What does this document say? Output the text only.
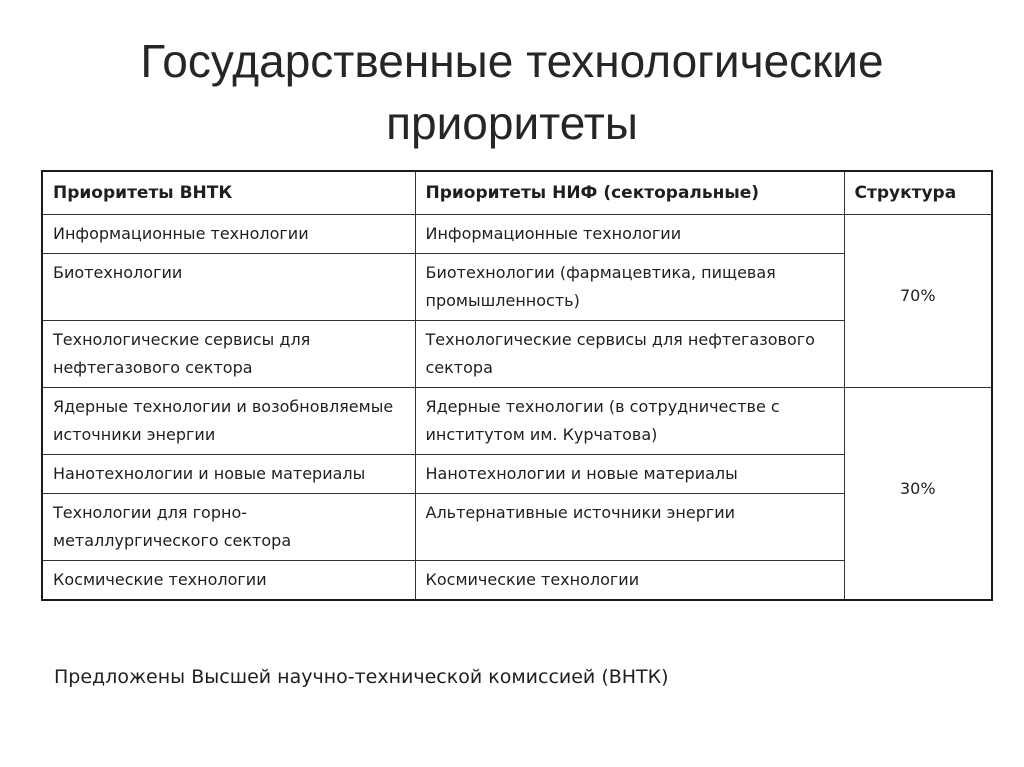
Государственные технологические
приоритеты
Приоритеты ВНТК	Приоритеты НИФ (секторальные)	Структура
Информационные технологии	Информационные технологии	70%
Биотехнологии	Биотехнологии (фармацевтика, пищевая промышленность)	
Технологические сервисы для нефтегазового сектора	Технологические сервисы для нефтегазового сектора	
Ядерные технологии и возобновляемые источники энергии	Ядерные технологии (в сотрудничестве с институтом им. Курчатова)	30%
Нанотехнологии и новые материалы	Нанотехнологии и новые материалы	
Технологии для горно-металлургического сектора	Альтернативные источники энергии	
Космические технологии	Космические технологии	
Предложены Высшей научно-технической комиссией (ВНТК)
